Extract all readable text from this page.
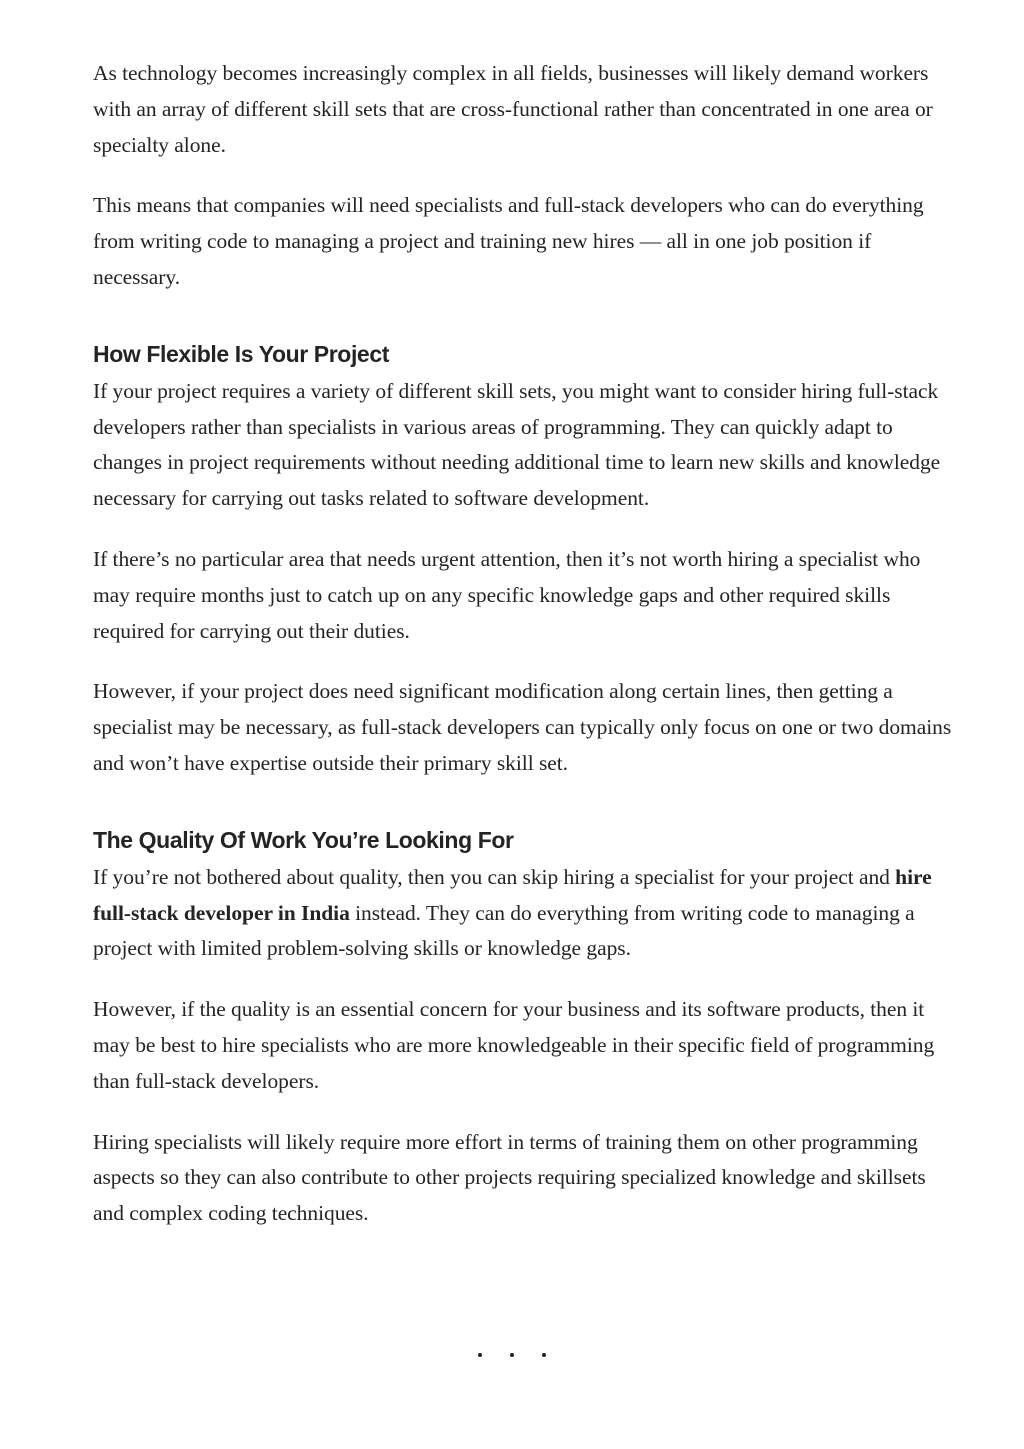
As technology becomes increasingly complex in all fields, businesses will likely demand workers with an array of different skill sets that are cross-functional rather than concentrated in one area or specialty alone.

This means that companies will need specialists and full-stack developers who can do everything from writing code to managing a project and training new hires — all in one job position if necessary.

How Flexible Is Your Project

If your project requires a variety of different skill sets, you might want to consider hiring full-stack developers rather than specialists in various areas of programming. They can quickly adapt to changes in project requirements without needing additional time to learn new skills and knowledge necessary for carrying out tasks related to software development.

If there’s no particular area that needs urgent attention, then it’s not worth hiring a specialist who may require months just to catch up on any specific knowledge gaps and other required skills required for carrying out their duties.

However, if your project does need significant modification along certain lines, then getting a specialist may be necessary, as full-stack developers can typically only focus on one or two domains and won’t have expertise outside their primary skill set.

The Quality Of Work You’re Looking For

If you’re not bothered about quality, then you can skip hiring a specialist for your project and hire full-stack developer in India instead. They can do everything from writing code to managing a project with limited problem-solving skills or knowledge gaps.

However, if the quality is an essential concern for your business and its software products, then it may be best to hire specialists who are more knowledgeable in their specific field of programming than full-stack developers.

Hiring specialists will likely require more effort in terms of training them on other programming aspects so they can also contribute to other projects requiring specialized knowledge and skillsets and complex coding techniques.
